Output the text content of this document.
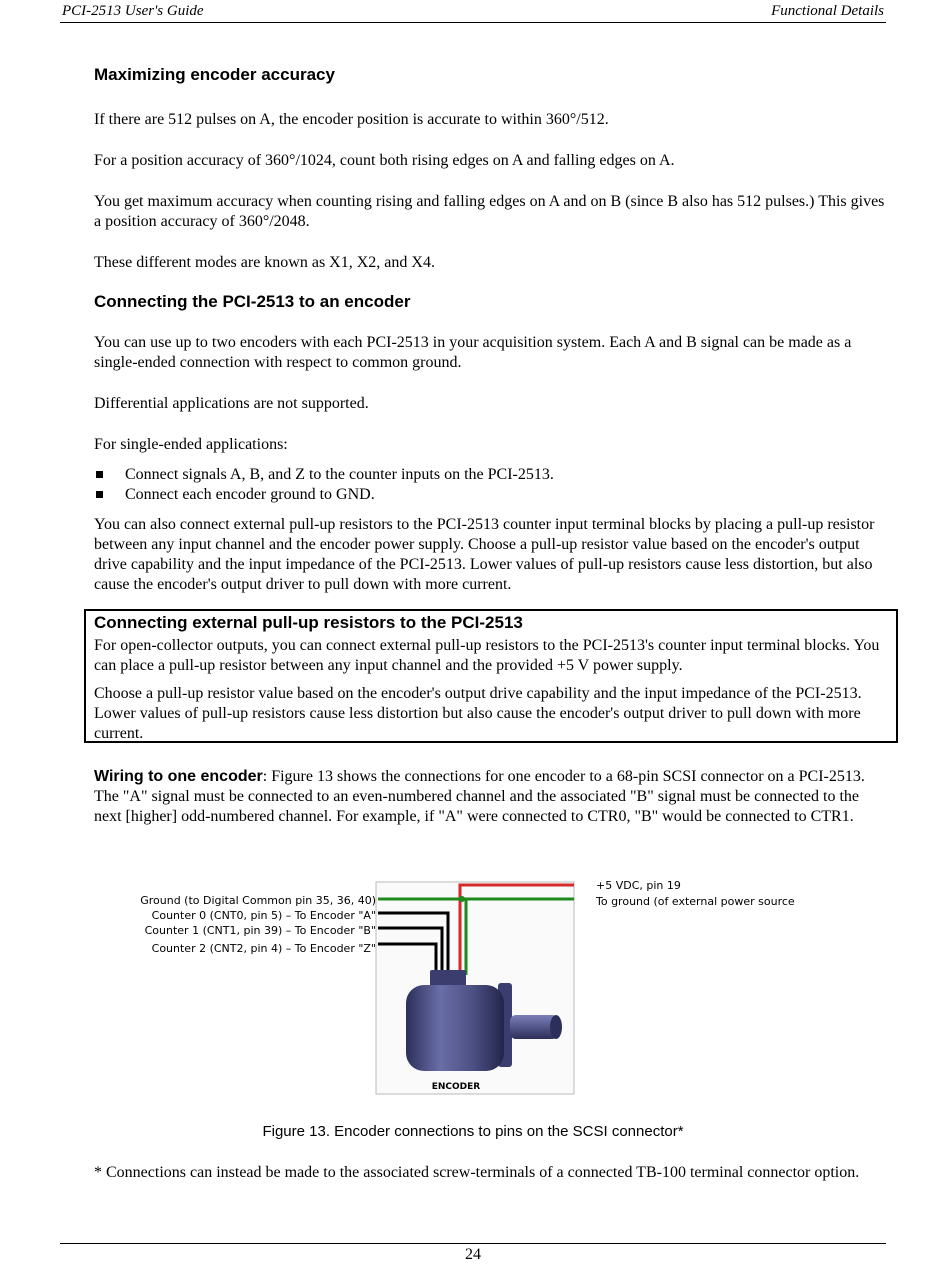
PCI-2513 User's Guide	Functional Details
Maximizing encoder accuracy

If there are 512 pulses on A, the encoder position is accurate to within 360°/512.

For a position accuracy of 360°/1024, count both rising edges on A and falling edges on A.

You get maximum accuracy when counting rising and falling edges on A and on B (since B also has 512 pulses.) This gives a position accuracy of 360°/2048.

These different modes are known as X1, X2, and X4.

Connecting the PCI-2513 to an encoder

You can use up to two encoders with each PCI-2513 in your acquisition system. Each A and B signal can be made as a single-ended connection with respect to common ground.

Differential applications are not supported.

For single-ended applications:

Connect signals A, B, and Z to the counter inputs on the PCI-2513.
Connect each encoder ground to GND.

You can also connect external pull-up resistors to the PCI-2513 counter input terminal blocks by placing a pull-up resistor between any input channel and the encoder power supply. Choose a pull-up resistor value based on the encoder's output drive capability and the input impedance of the PCI-2513. Lower values of pull-up resistors cause less distortion, but also cause the encoder's output driver to pull down with more current.

Connecting external pull-up resistors to the PCI-2513

For open-collector outputs, you can connect external pull-up resistors to the PCI-2513's counter input terminal blocks. You can place a pull-up resistor between any input channel and the provided +5 V power supply.

Choose a pull-up resistor value based on the encoder's output drive capability and the input impedance of the PCI-2513. Lower values of pull-up resistors cause less distortion but also cause the encoder's output driver to pull down with more current.

Wiring to one encoder: Figure 13 shows the connections for one encoder to a 68-pin SCSI connector on a PCI-2513. The "A" signal must be connected to an even-numbered channel and the associated "B" signal must be connected to the next [higher] odd-numbered channel. For example, if "A" were connected to CTR0, "B" would be connected to CTR1.

ENCODER
Ground (to Digital Common pin 35, 36, 40)
Counter 0 (CNT0, pin 5) – To Encoder "A"
Counter 1 (CNT1, pin 39) – To Encoder "B"
Counter 2 (CNT2, pin 4) – To Encoder "Z"
+5 VDC, pin 19
To ground (of external power source
Figure 13. Encoder connections to pins on the SCSI connector*

* Connections can instead be made to the associated screw-terminals of a connected TB-100 terminal connector option.

24
